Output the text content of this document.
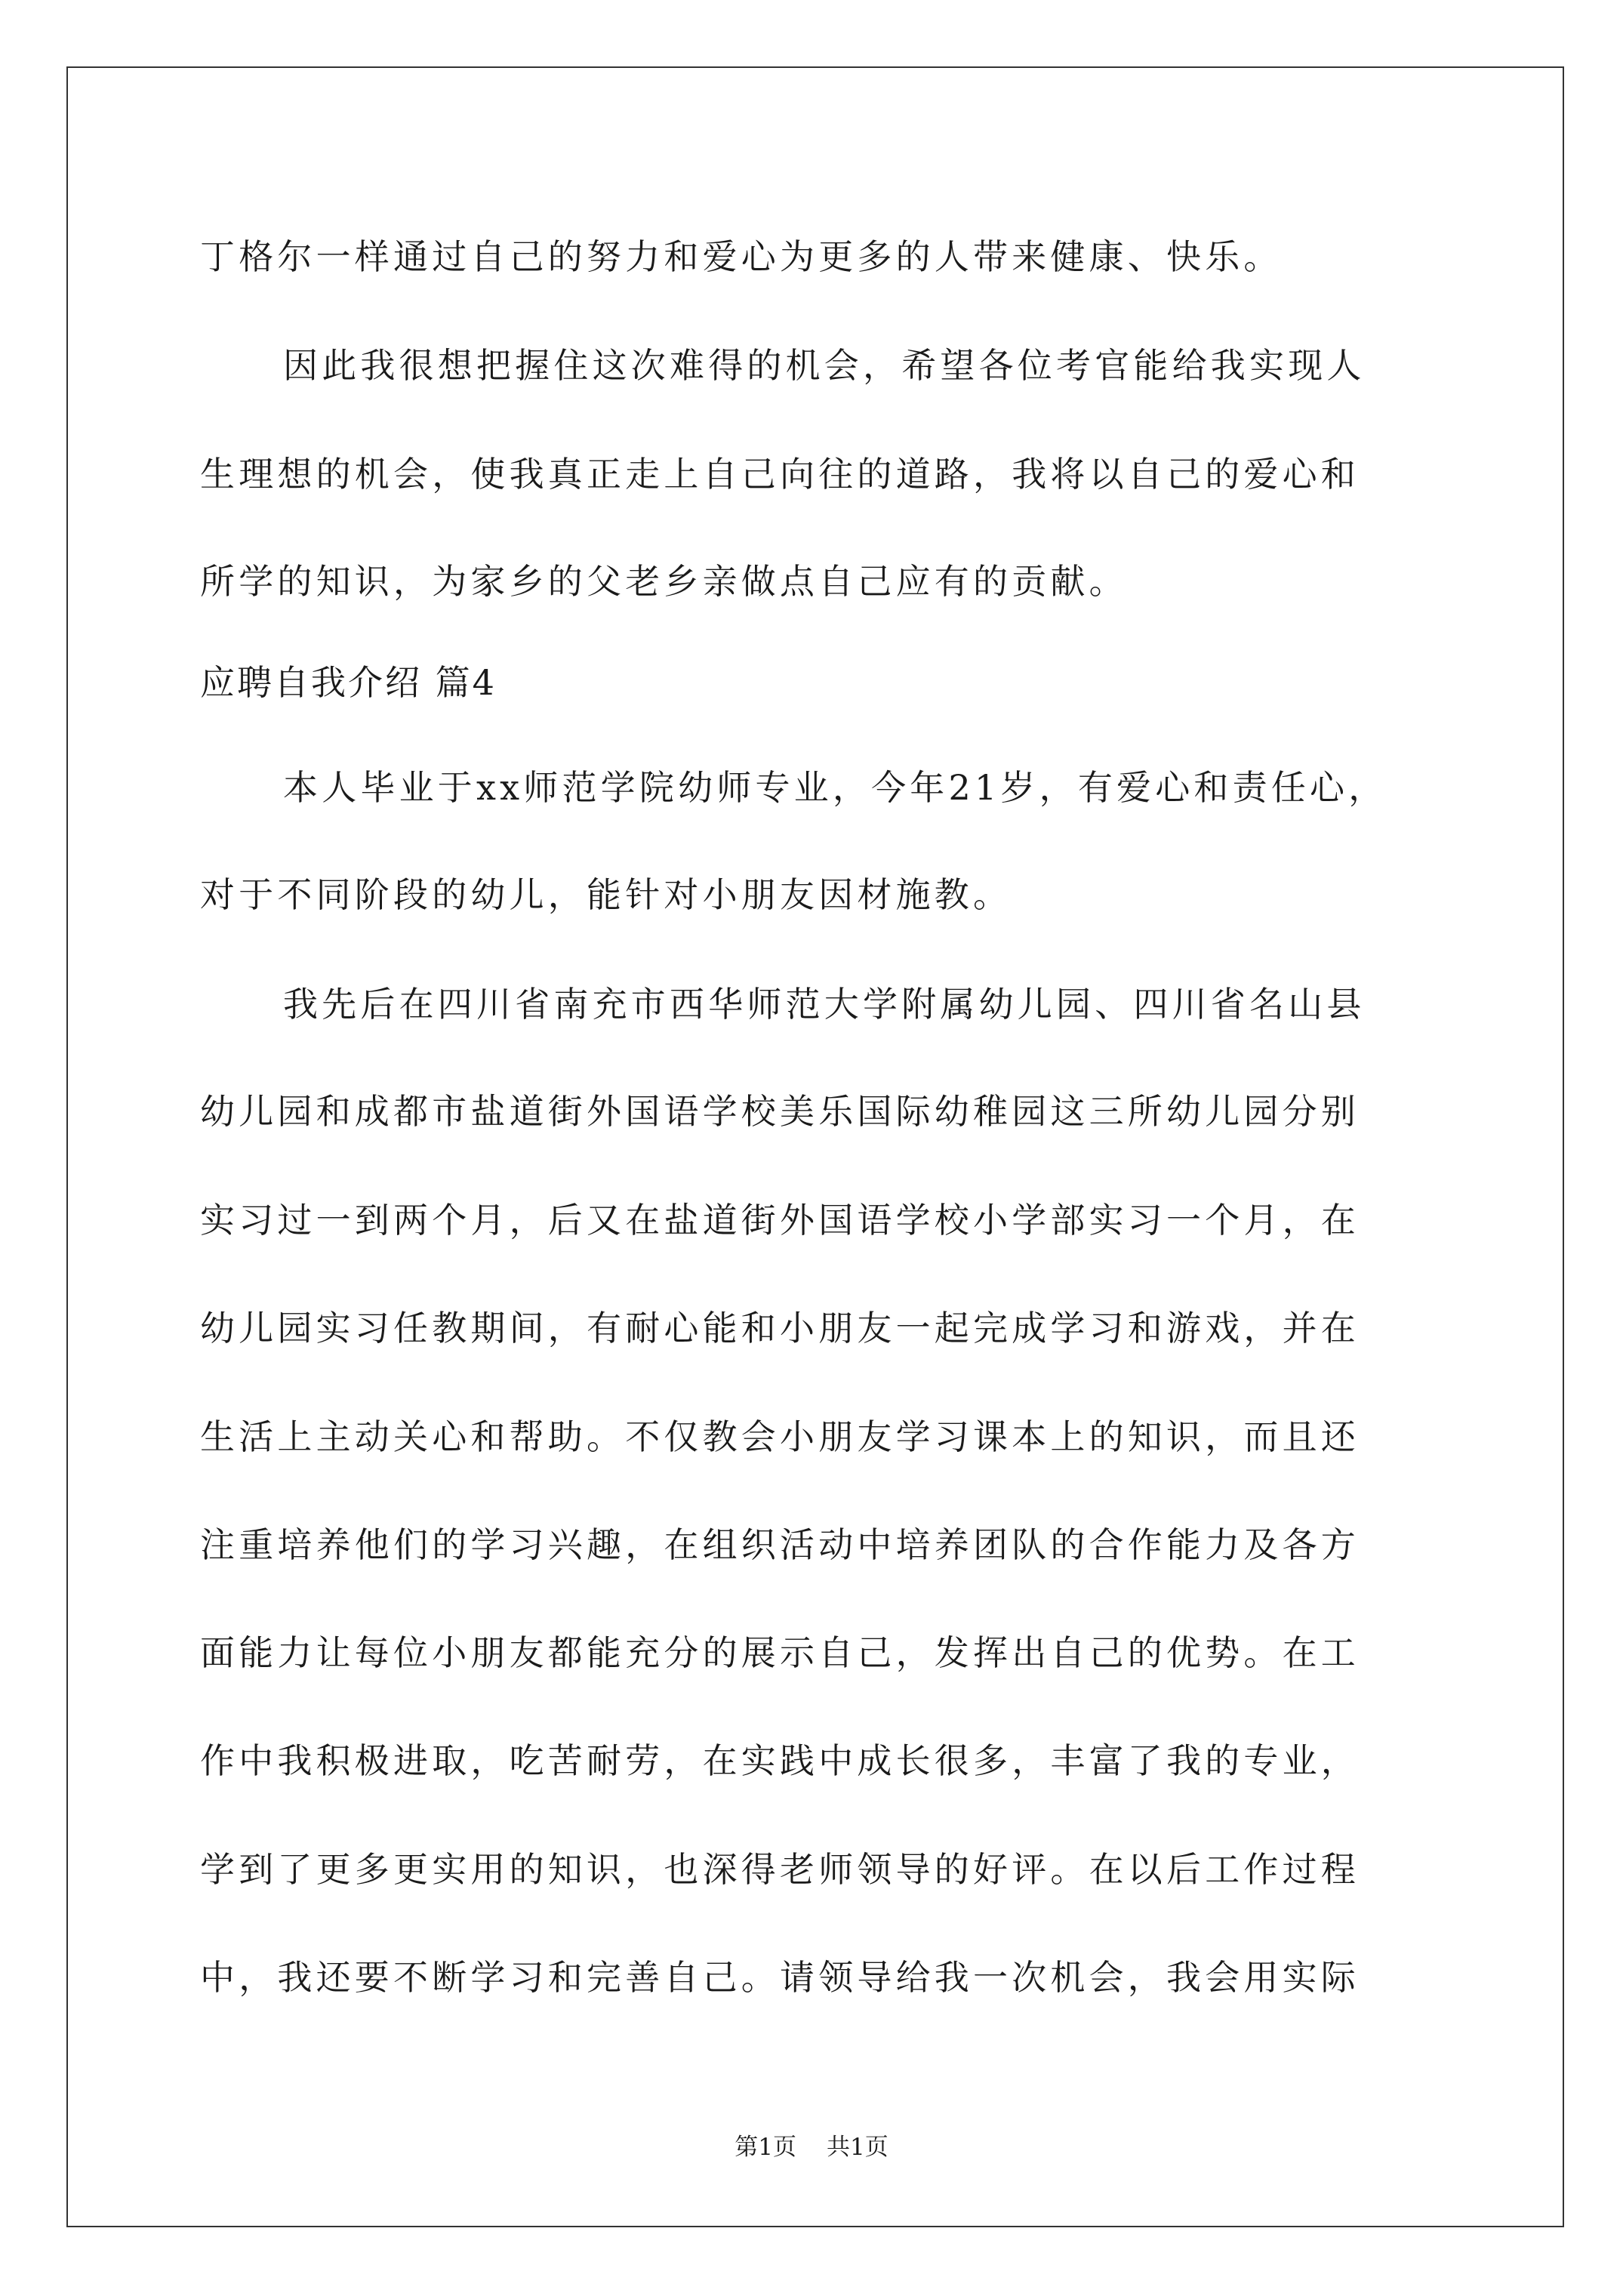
丁格尔一样通过自己的努力和爱心为更多的人带来健康、快乐。
因此我很想把握住这次难得的机会，希望各位考官能给我实现人
生理想的机会，使我真正走上自己向往的道路，我将以自己的爱心和
所学的知识，为家乡的父老乡亲做点自己应有的贡献。
应聘自我介绍 篇4
本人毕业于xx师范学院幼师专业，今年21岁，有爱心和责任心，
对于不同阶段的幼儿，能针对小朋友因材施教。
我先后在四川省南充市西华师范大学附属幼儿园、四川省名山县
幼儿园和成都市盐道街外国语学校美乐国际幼稚园这三所幼儿园分别
实习过一到两个月，后又在盐道街外国语学校小学部实习一个月，在
幼儿园实习任教期间，有耐心能和小朋友一起完成学习和游戏，并在
生活上主动关心和帮助。不仅教会小朋友学习课本上的知识，而且还
注重培养他们的学习兴趣，在组织活动中培养团队的合作能力及各方
面能力让每位小朋友都能充分的展示自己，发挥出自己的优势。在工
作中我积极进取，吃苦耐劳，在实践中成长很多，丰富了我的专业，
学到了更多更实用的知识，也深得老师领导的好评。在以后工作过程
中，我还要不断学习和完善自己。请领导给我一次机会，我会用实际
第1页 共1页
